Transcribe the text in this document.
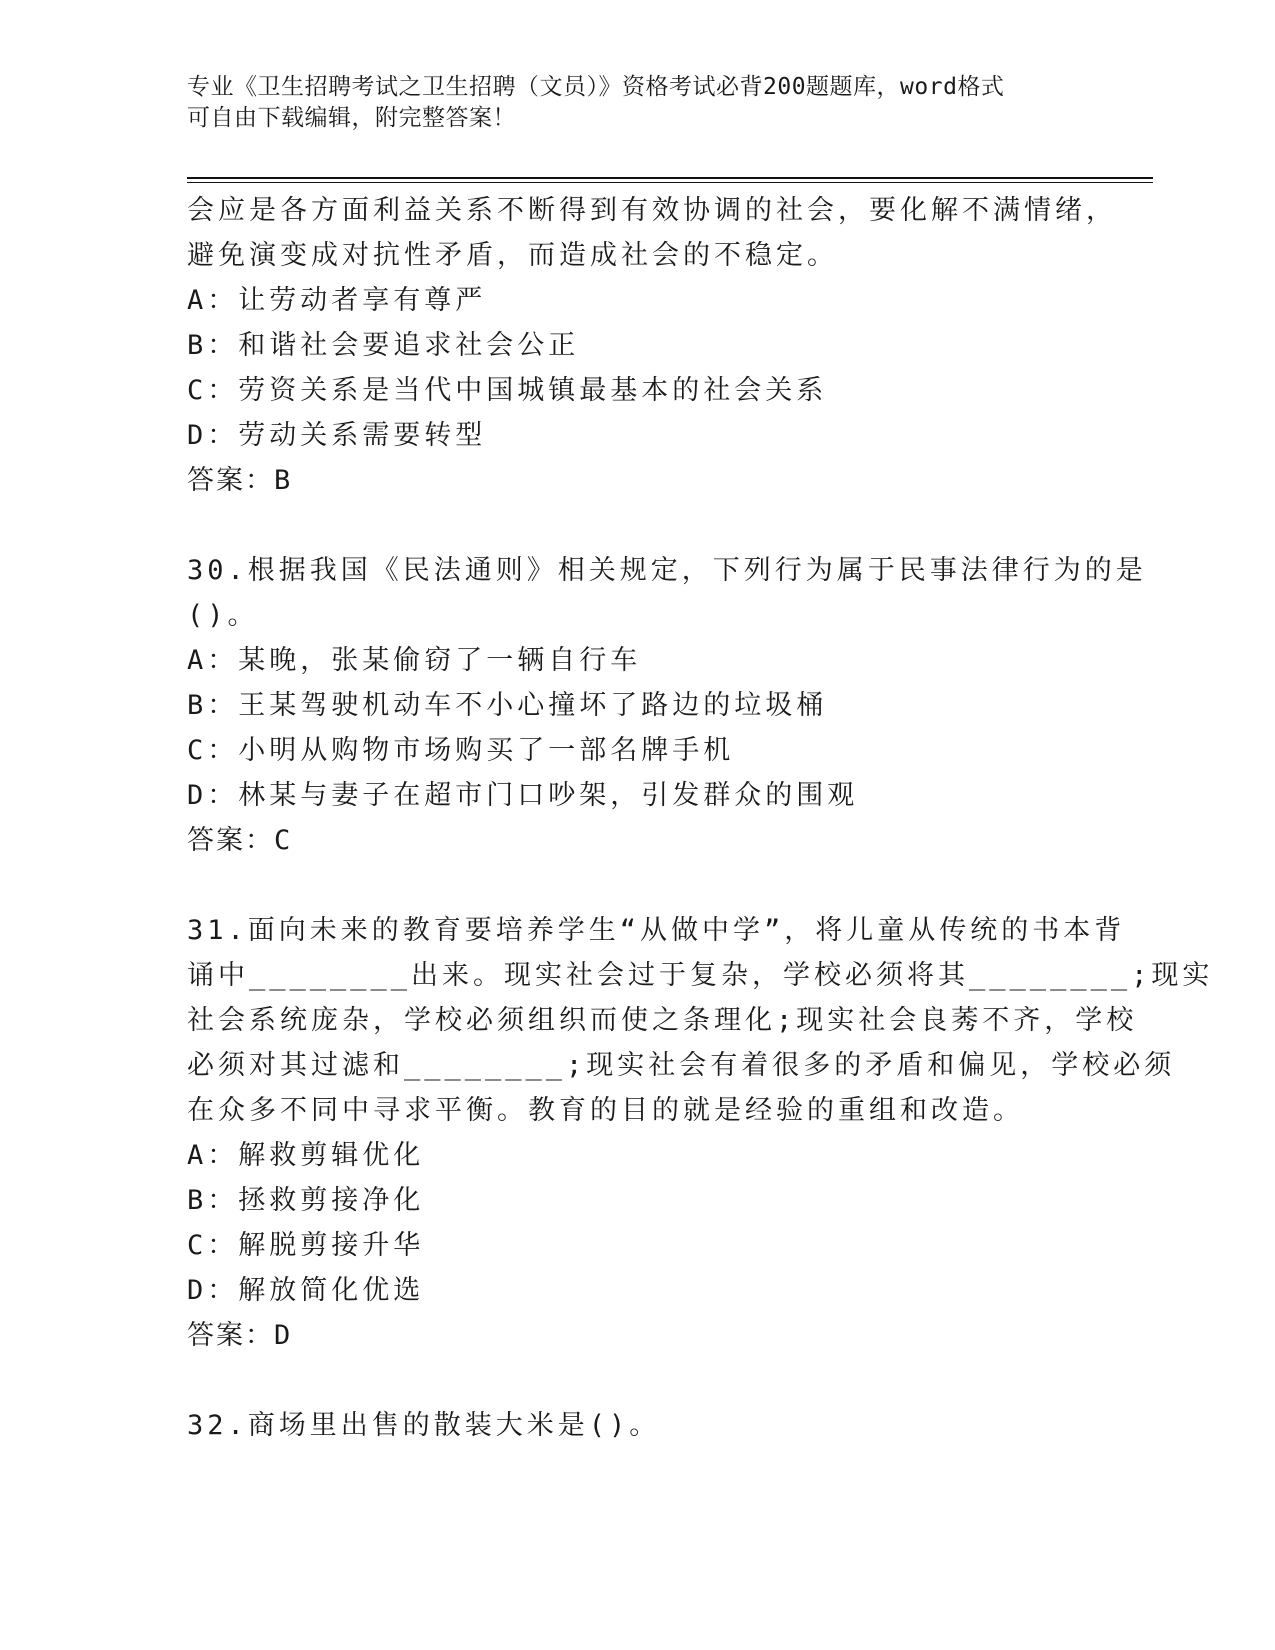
专业《卫生招聘考试之卫生招聘（文员）》资格考试必背200题题库，word格式
可自由下载编辑，附完整答案！
会应是各方面利益关系不断得到有效协调的社会，要化解不满情绪，
避免演变成对抗性矛盾，而造成社会的不稳定。
A：让劳动者享有尊严
B：和谐社会要追求社会公正
C：劳资关系是当代中国城镇最基本的社会关系
D：劳动关系需要转型
答案：B
30.根据我国《民法通则》相关规定，下列行为属于民事法律行为的是
()。
A：某晚，张某偷窃了一辆自行车
B：王某驾驶机动车不小心撞坏了路边的垃圾桶
C：小明从购物市场购买了一部名牌手机
D：林某与妻子在超市门口吵架，引发群众的围观
答案：C
31.面向未来的教育要培养学生“从做中学”，将儿童从传统的书本背
诵中________出来。现实社会过于复杂，学校必须将其________;现实
社会系统庞杂，学校必须组织而使之条理化;现实社会良莠不齐，学校
必须对其过滤和________;现实社会有着很多的矛盾和偏见，学校必须
在众多不同中寻求平衡。教育的目的就是经验的重组和改造。
A：解救剪辑优化
B：拯救剪接净化
C：解脱剪接升华
D：解放简化优选
答案：D
32.商场里出售的散装大米是()。
